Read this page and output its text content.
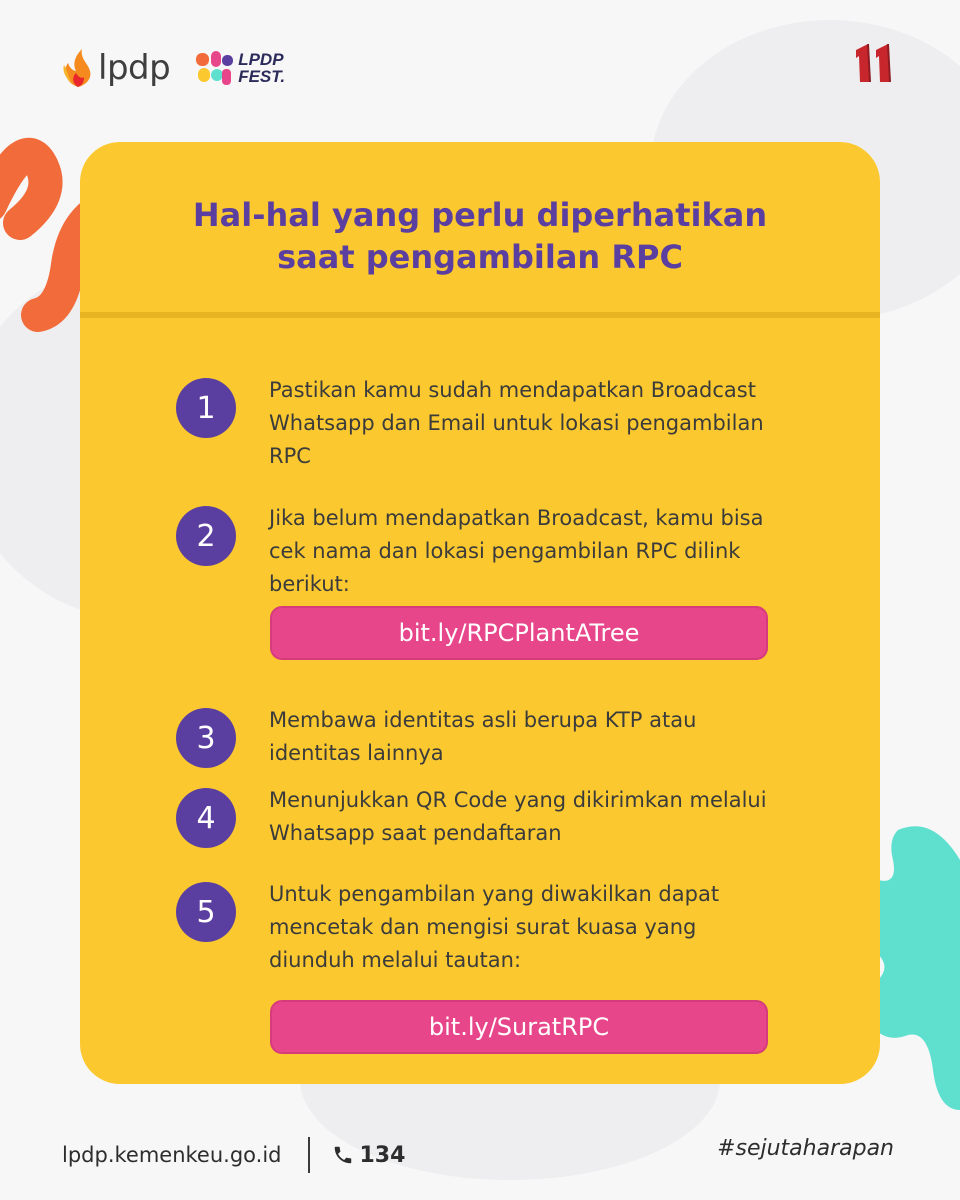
lpdp	LPDP
FEST.
Hal-hal yang perlu diperhatikan
saat pengambilan RPC
1
Pastikan kamu sudah mendapatkan Broadcast Whatsapp dan Email untuk lokasi pengambilan RPC
2
Jika belum mendapatkan Broadcast, kamu bisa cek nama dan lokasi pengambilan RPC dilink berikut:
bit.ly/RPCPlantATree
3
Membawa identitas asli berupa KTP atau identitas lainnya
4
Menunjukkan QR Code yang dikirimkan melalui Whatsapp saat pendaftaran
5
Untuk pengambilan yang diwakilkan dapat mencetak dan mengisi surat kuasa yang diunduh melalui tautan:
bit.ly/SuratRPC
lpdp.kemenkeu.go.id	134	#sejutaharapan
